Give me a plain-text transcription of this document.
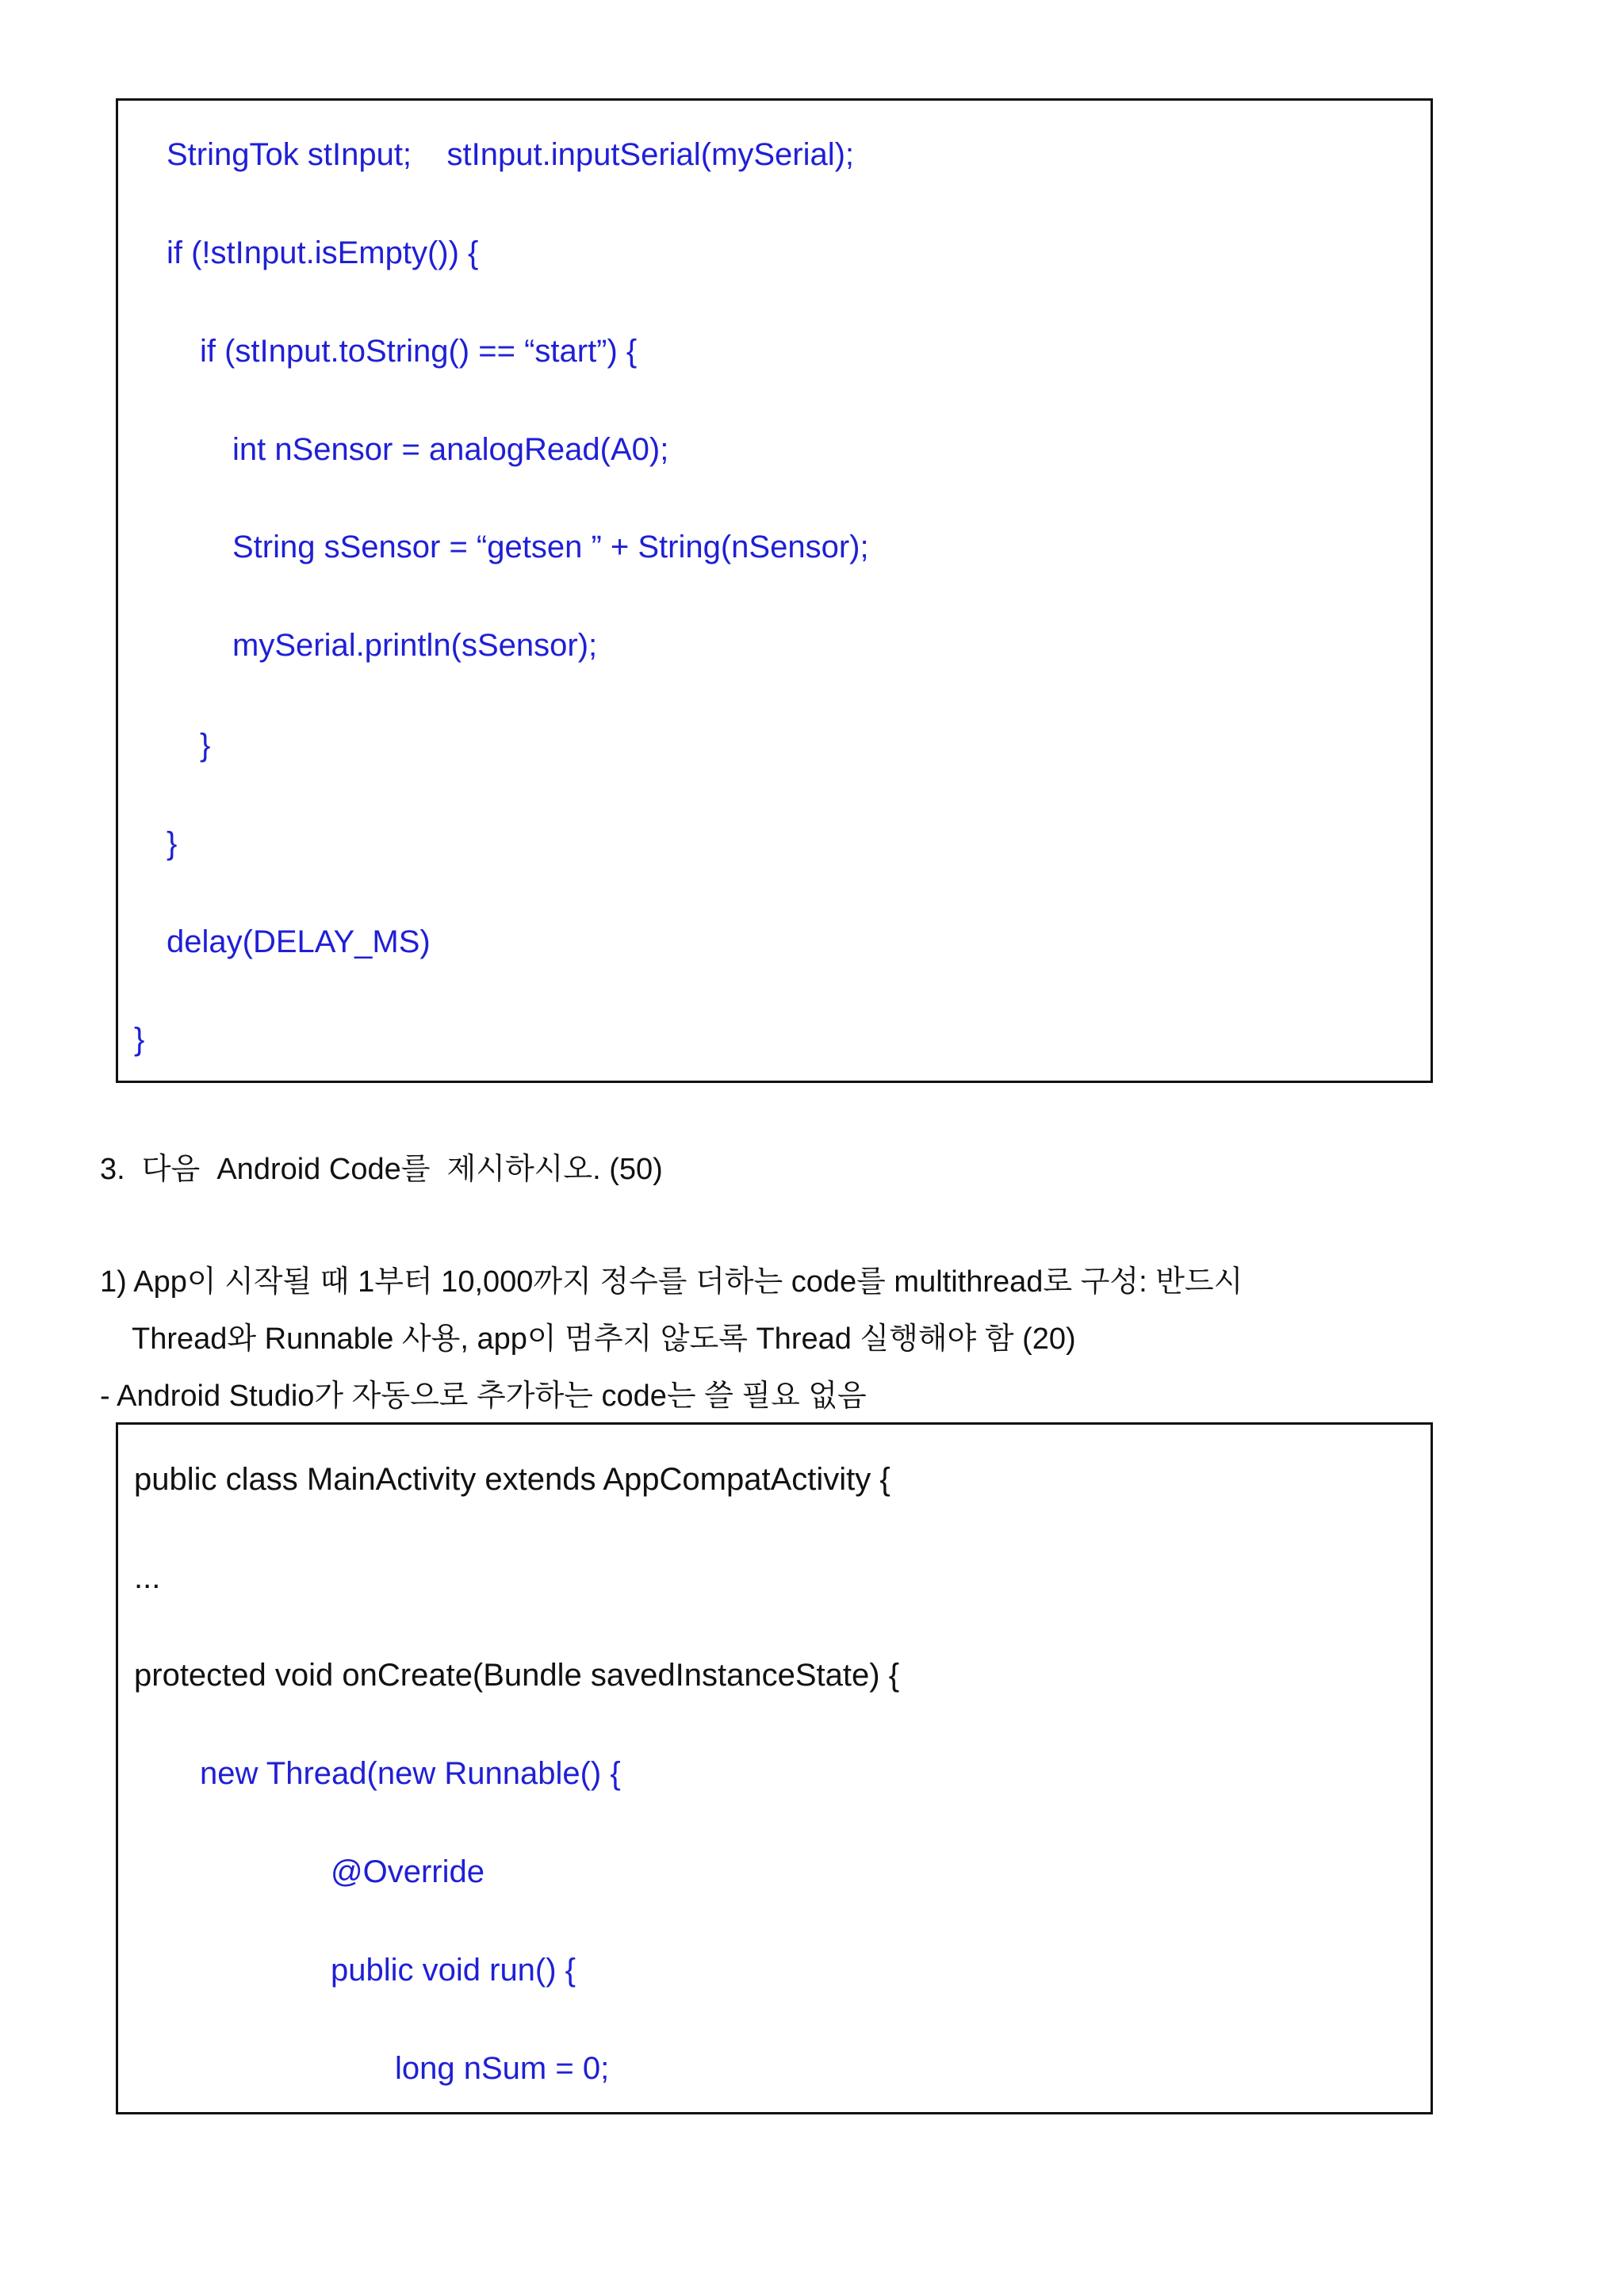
StringTok stInput;    stInput.inputSerial(mySerial);
if (!stInput.isEmpty()) {
if (stInput.toString() == “start”) {
int nSensor = analogRead(A0);
String sSensor = “getsen ” + String(nSensor);
mySerial.println(sSensor);
}
}
delay(DELAY_MS)
}
3.  다음  Android Code를  제시하시오. (50)
1) App이 시작될 때 1부터 10,000까지 정수를 더하는 code를 multithread로 구성: 반드시
Thread와 Runnable 사용, app이 멈추지 않도록 Thread 실행해야 함 (20)
- Android Studio가 자동으로 추가하는 code는 쓸 필요 없음
public class MainActivity extends AppCompatActivity {
...
protected void onCreate(Bundle savedInstanceState) {
new Thread(new Runnable() {
@Override
public void run() {
long nSum = 0;
